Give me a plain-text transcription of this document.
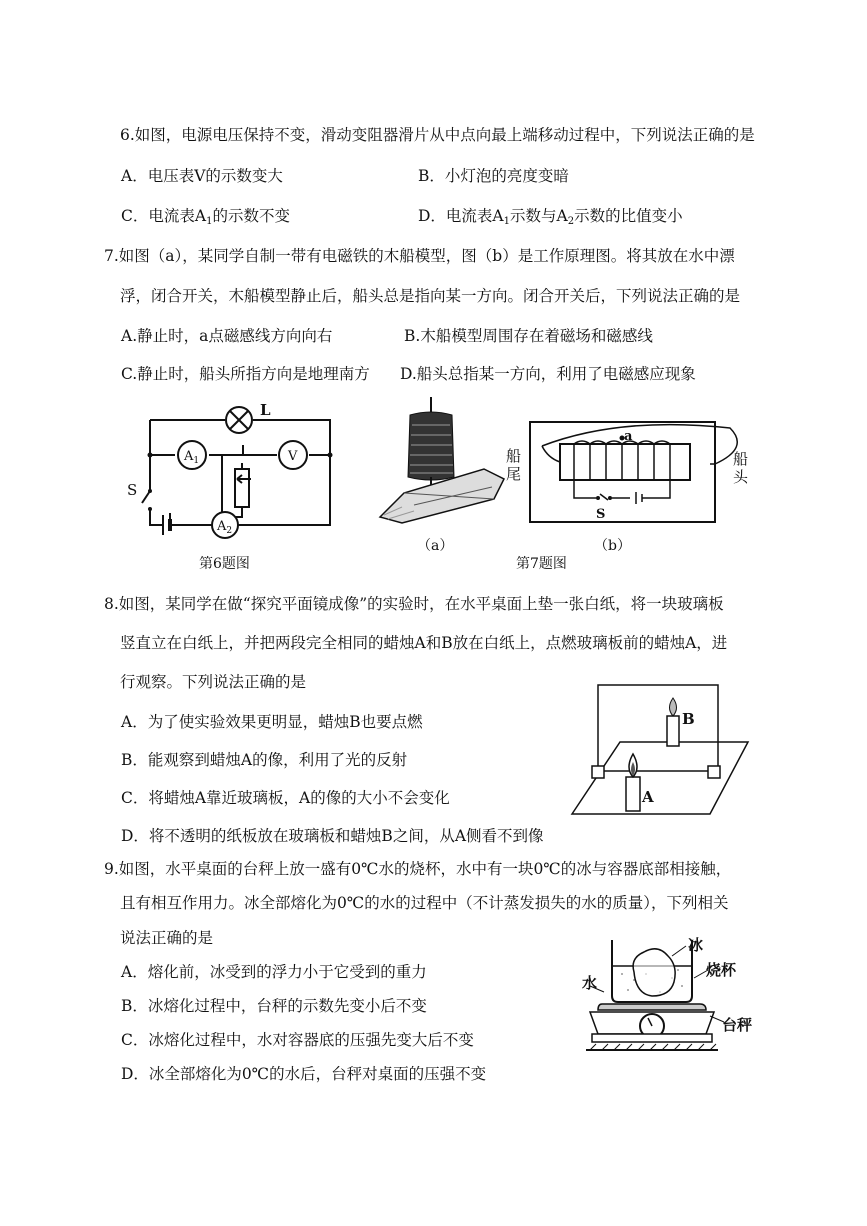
6.如图，电源电压保持不变，滑动变阻器滑片从中点向最上端移动过程中，下列说法正确的是
A．电压表V的示数变大	B．小灯泡的亮度变暗
C．电流表$A_1$的示数不变	D．电流表$A_1$示数与$A_2$示数的比值变小
7.如图（a），某同学自制一带有电磁铁的木船模型，图（b）是工作原理图。将其放在水中漂
浮，闭合开关，木船模型静止后，船头总是指向某一方向。闭合开关后，下列说法正确的是
A.静止时，a点磁感线方向向右	B.木船模型周围存在着磁场和磁感线
C.静止时，船头所指方向是地理南方 D.船头总指某一方向，利用了电磁感应现象
L
$A_1$	V
$A_2$
S
第6题图
（a）
a
S
船尾
船头
（b）
第7题图
8.如图，某同学在做“探究平面镜成像”的实验时，在水平桌面上垫一张白纸，将一块玻璃板
竖直立在白纸上，并把两段完全相同的蜡烛A和B放在白纸上，点燃玻璃板前的蜡烛A，进
行观察。下列说法正确的是
A．为了使实验效果更明显，蜡烛B也要点燃
B．能观察到蜡烛A的像，利用了光的反射
C．将蜡烛A靠近玻璃板，A的像的大小不会变化
D．将不透明的纸板放在玻璃板和蜡烛B之间，从A侧看不到像
B
A
9.如图，水平桌面的台秤上放一盛有0℃水的烧杯，水中有一块0℃的冰与容器底部相接触，
且有相互作用力。冰全部熔化为0℃的水的过程中（不计蒸发损失的水的质量），下列相关
说法正确的是
A．熔化前，冰受到的浮力小于它受到的重力
B．冰熔化过程中，台秤的示数先变小后不变
C．冰熔化过程中，水对容器底的压强先变大后不变
D．冰全部熔化为0℃的水后，台秤对桌面的压强不变
冰
水
烧杯
台秤
